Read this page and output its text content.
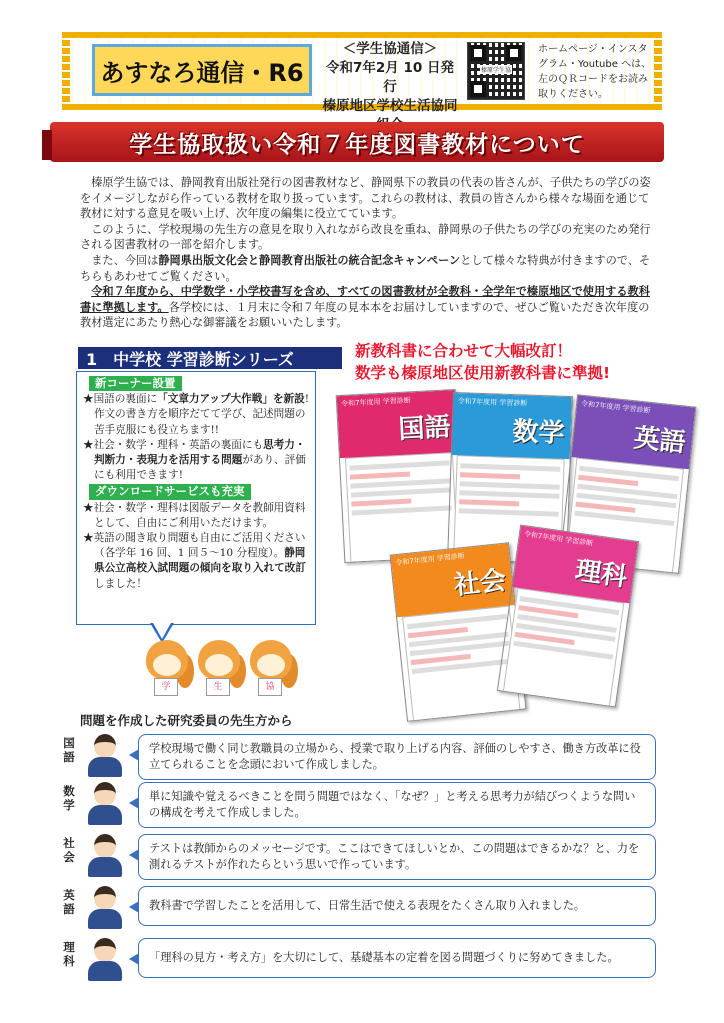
あすなろ通信・R6
＜学生協通信＞
令和7年2月 10 日発行
榛原地区学校生活協同
榛原学生協
ホームページ・インスタグラム・Youtube へは、左のＱＲコードをお読み取りください。
学生協取扱い令和７年度図書教材について

榛原学生協では、静岡教育出版社発行の図書教材など、静岡県下の教員の代表の皆さんが、子供たちの学びの姿をイメージしながら作っている教材を取り扱っています。これらの教材は、教員の皆さんから様々な場面を通じて教材に対する意見を吸い上げ、次年度の編集に役立てています。

このように、学校現場の先生方の意見を取り入れながら改良を重ね、静岡県の子供たちの学びの充実のため発行される図書教材の一部を紹介します。

また、今回は静岡県出版文化会と静岡教育出版社の統合記念キャンペーンとして様々な特典が付きますので、そちらもあわせてご覧ください。

令和７年度から、中学数学・小学校書写を含め、すべての図書教材が全教科・全学年で榛原地区で使用する教科書に準拠します。各学校には、１月末に令和７年度の見本本をお届けしていますので、ぜひご覧いただき次年度の教材選定にあたり熱心な御審議をお願いいたします。

1　中学校 学習診断シリーズ	新教科書に合わせて大幅改訂！
数学も榛原地区使用新教科書に準拠!
新コーナー設置
★国語の裏面に「文章力アップ大作戦」を新設!作文の書き方を順序だてて学び、記述問題の苦手克服にも役立ちます!!
★社会・数学・理科・英語の裏面にも思考力・判断力・表現力を活用する問題があり、評価にも利用できます!
ダウンロードサービスも充実
★社会・数学・理科は図版データを教師用資料として、自由にご利用いただけます。
★英語の聞き取り問題も自由にご活用ください（各学年 16 回、1 回５～10 分程度）。静岡県公立高校入試問題の傾向を取り入れて改訂しました！
学	生	協
令和7年度用 学習診断
国語
令和7年度用 学習診断
数学
令和7年度用 学習診断
英語
令和7年度用 学習診断
社会
令和7年度用 学習診断
理科
問題を作成した研究委員の先生方から
国語
学校現場で働く同じ教職員の立場から、授業で取り上げる内容、評価のしやすさ、働き方改革に役立てられることを念頭において作成しました。
数学
単に知識や覚えるべきことを問う問題ではなく、「なぜ？」と考える思考力が結びつくような問いの構成を考えて作成しました。
社会
テストは教師からのメッセージです。ここはできてほしいとか、この問題はできるかな？と、力を測れるテストが作れたらという思いで作っています。
英語	教科書で学習したことを活用して、日常生活で使える表現をたくさん取り入れました。
理科	「理科の見方・考え方」を大切にして、基礎基本の定着を図る問題づくりに努めてきました。
